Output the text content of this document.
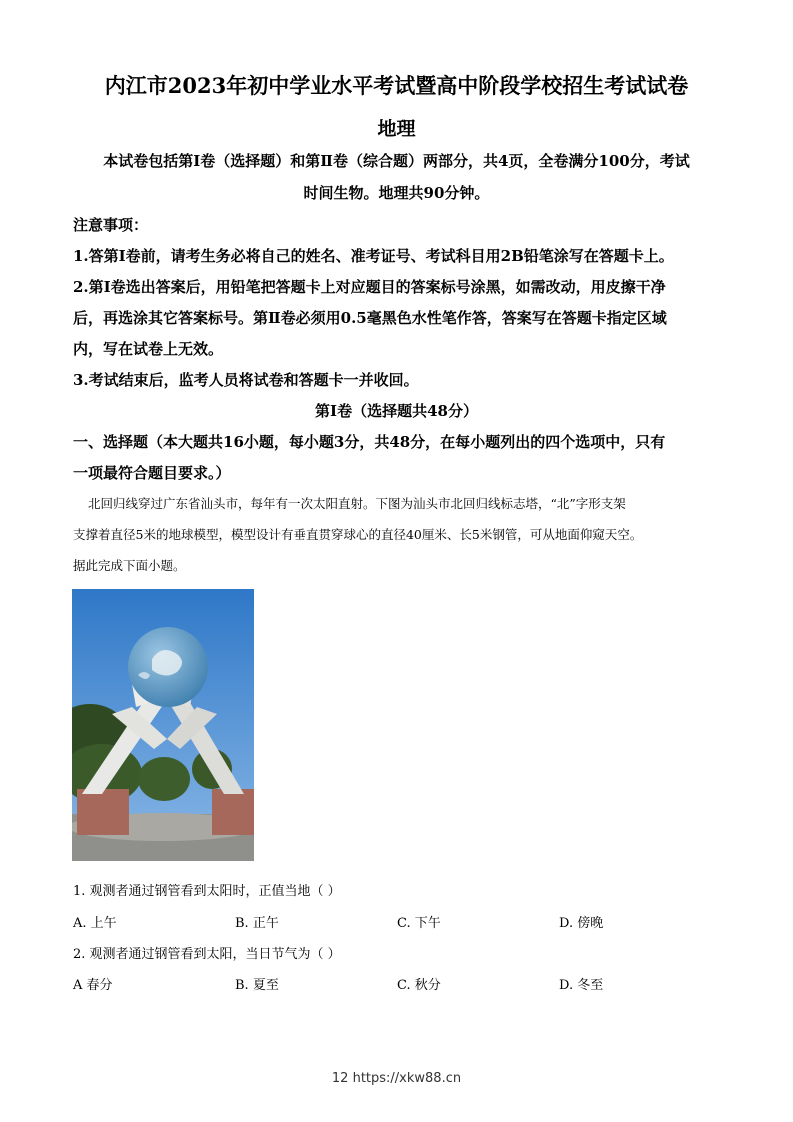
内江市2023年初中学业水平考试暨高中阶段学校招生考试试卷
地理
本试卷包括第Ⅰ卷（选择题）和第Ⅱ卷（综合题）两部分，共4页，全卷满分100分，考试
时间生物。地理共90分钟。
注意事项：
1.答第Ⅰ卷前，请考生务必将自己的姓名、准考证号、考试科目用2B铅笔涂写在答题卡上。
2.第Ⅰ卷选出答案后，用铅笔把答题卡上对应题目的答案标号涂黑，如需改动，用皮擦干净
后，再选涂其它答案标号。第Ⅱ卷必须用0.5毫黑色水性笔作答，答案写在答题卡指定区域
内，写在试卷上无效。
3.考试结束后，监考人员将试卷和答题卡一并收回。
第Ⅰ卷（选择题共48分）
一、选择题（本大题共16小题，每小题3分，共48分，在每小题列出的四个选项中，只有
一项最符合题目要求。）
北回归线穿过广东省汕头市，每年有一次太阳直射。下图为汕头市北回归线标志塔，“北”字形支架
支撑着直径5米的地球模型，模型设计有垂直贯穿球心的直径40厘米、长5米钢管，可从地面仰窥天空。
据此完成下面小题。
1. 观测者通过钢管看到太阳时，正值当地（ ）
A. 上午	B. 正午	C. 下午	D. 傍晚
2. 观测者通过钢管看到太阳，当日节气为（ ）
A 春分	B. 夏至	C. 秋分	D. 冬至
12 https://xkw88.cn
